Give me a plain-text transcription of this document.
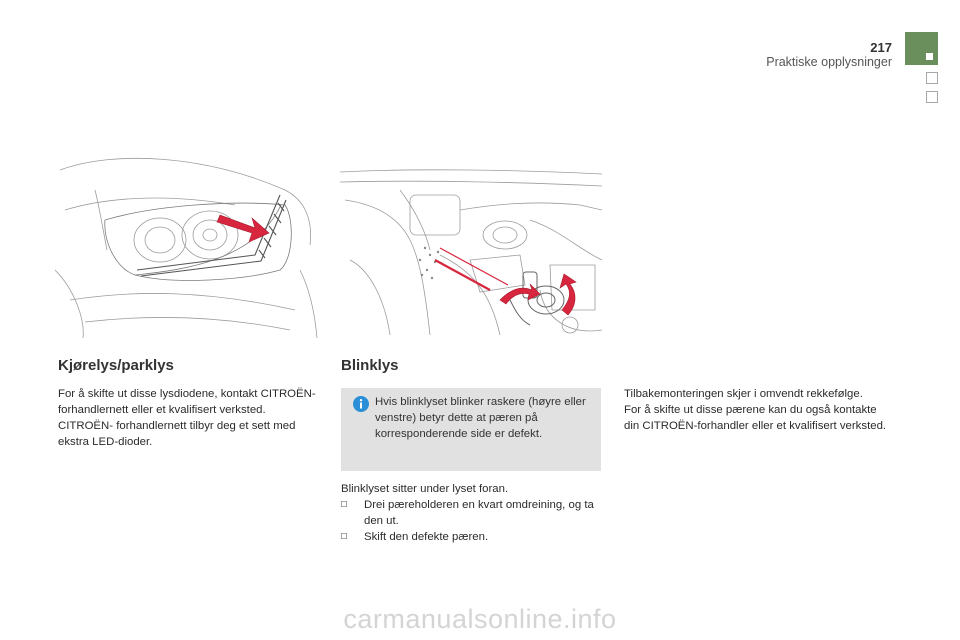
217
Praktiske opplysninger
Kjørelys/parklys

For å skifte ut disse lysdiodene, kontakt CITROËN-forhandlernett eller et kvalifisert verksted.

CITROËN- forhandlernett tilbyr deg et sett med ekstra LED-dioder.

Blinklys
Hvis blinklyset blinker raskere (høyre eller venstre) betyr dette at pæren på korresponderende side er defekt.

Blinklyset sitter under lyset foran.

□ Drei pæreholderen en kvart omdreining, og ta den ut.
□ Skift den defekte pæren.

Tilbakemonteringen skjer i omvendt rekkefølge.

For å skifte ut disse pærene kan du også kontakte din CITROËN-forhandler eller et kvalifisert verksted.

carmanualsonline.info
